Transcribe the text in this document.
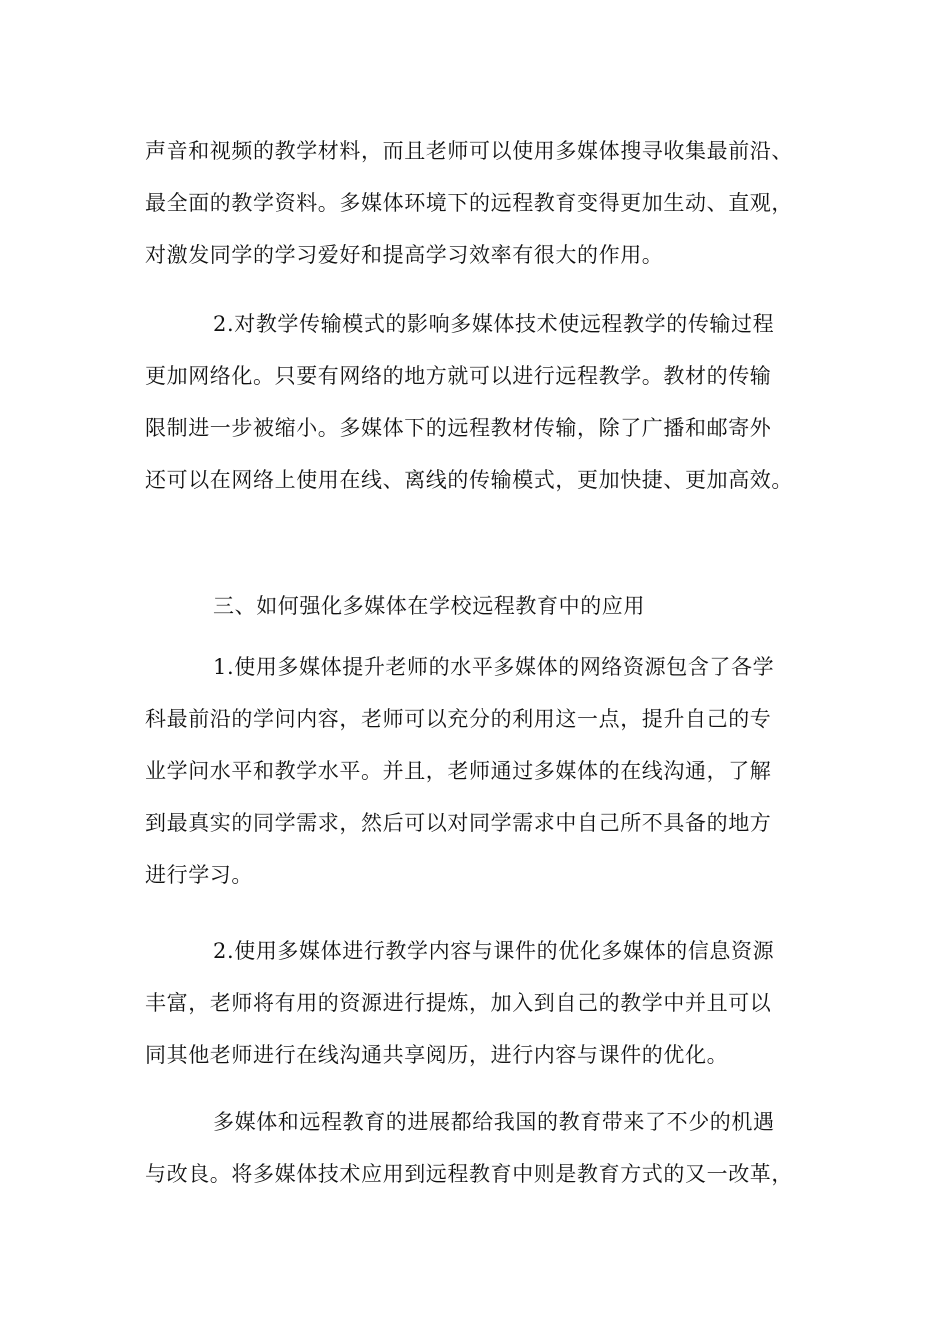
声音和视频的教学材料，而且老师可以使用多媒体搜寻收集最前沿、
最全面的教学资料。多媒体环境下的远程教育变得更加生动、直观，
对激发同学的学习爱好和提高学习效率有很大的作用。
2.对教学传输模式的影响多媒体技术使远程教学的传输过程
更加网络化。只要有网络的地方就可以进行远程教学。教材的传输
限制进一步被缩小。多媒体下的远程教材传输，除了广播和邮寄外
还可以在网络上使用在线、离线的传输模式，更加快捷、更加高效。
三、如何强化多媒体在学校远程教育中的应用
1.使用多媒体提升老师的水平多媒体的网络资源包含了各学
科最前沿的学问内容，老师可以充分的利用这一点，提升自己的专
业学问水平和教学水平。并且，老师通过多媒体的在线沟通，了解
到最真实的同学需求，然后可以对同学需求中自己所不具备的地方
进行学习。
2.使用多媒体进行教学内容与课件的优化多媒体的信息资源
丰富，老师将有用的资源进行提炼，加入到自己的教学中并且可以
同其他老师进行在线沟通共享阅历，进行内容与课件的优化。
多媒体和远程教育的进展都给我国的教育带来了不少的机遇
与改良。将多媒体技术应用到远程教育中则是教育方式的又一改革，
